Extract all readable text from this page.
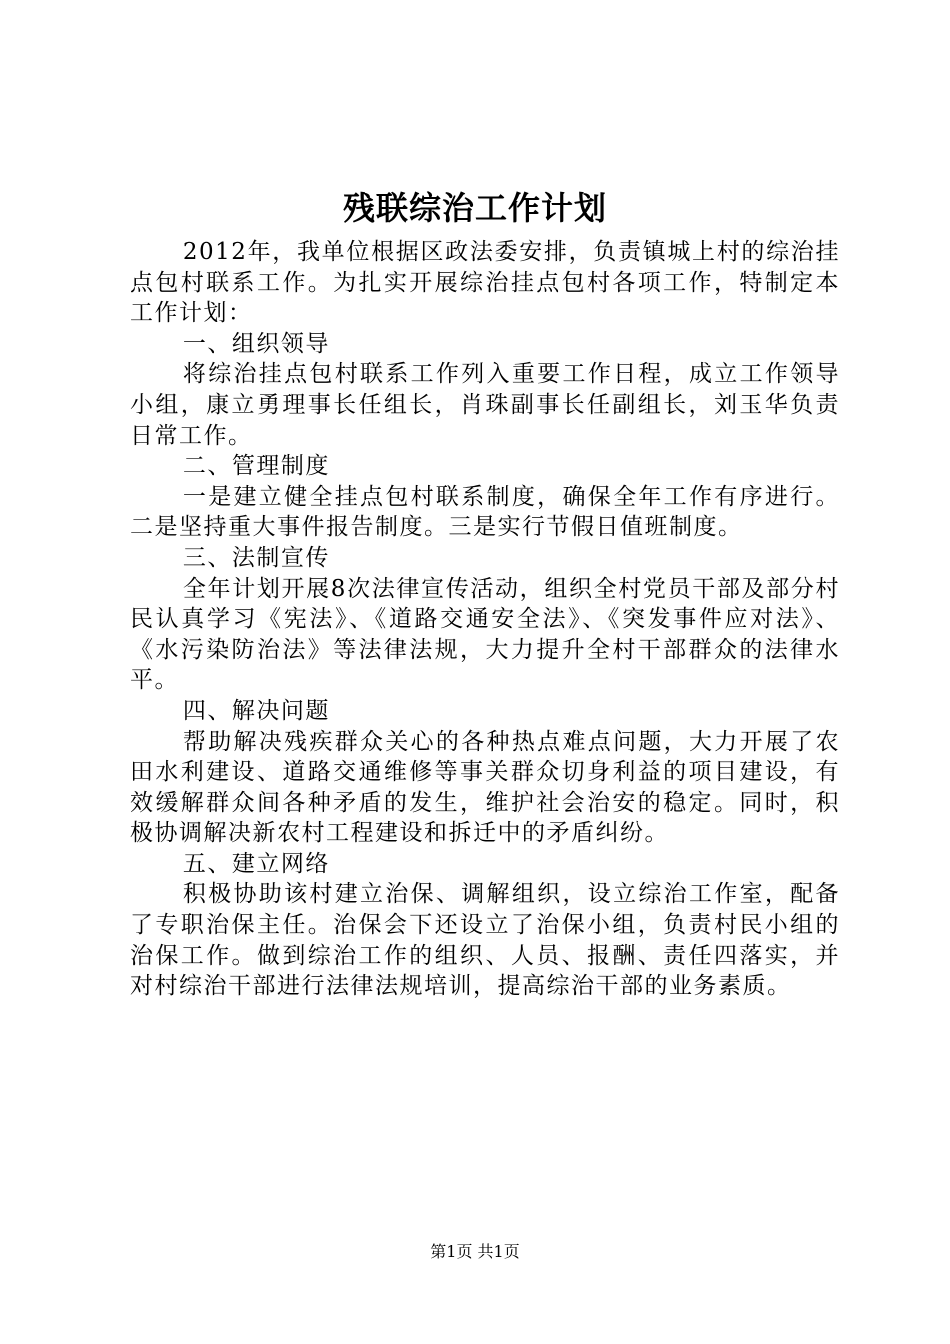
残联综治工作计划

2012年，我单位根据区政法委安排，负责镇城上村的综治挂点包村联系工作。为扎实开展综治挂点包村各项工作，特制定本工作计划：

一、组织领导

将综治挂点包村联系工作列入重要工作日程，成立工作领导小组，康立勇理事长任组长，肖珠副事长任副组长，刘玉华负责日常工作。

二、管理制度

一是建立健全挂点包村联系制度，确保全年工作有序进行。二是坚持重大事件报告制度。三是实行节假日值班制度。

三、法制宣传

全年计划开展8次法律宣传活动，组织全村党员干部及部分村民认真学习《宪法》、《道路交通安全法》、《突发事件应对法》、《水污染防治法》等法律法规，大力提升全村干部群众的法律水平。

四、解决问题

帮助解决残疾群众关心的各种热点难点问题，大力开展了农田水利建设、道路交通维修等事关群众切身利益的项目建设，有效缓解群众间各种矛盾的发生，维护社会治安的稳定。同时，积极协调解决新农村工程建设和拆迁中的矛盾纠纷。

五、建立网络

积极协助该村建立治保、调解组织，设立综治工作室，配备了专职治保主任。治保会下还设立了治保小组，负责村民小组的治保工作。做到综治工作的组织、人员、报酬、责任四落实，并对村综治干部进行法律法规培训，提高综治干部的业务素质。

第1页 共1页
